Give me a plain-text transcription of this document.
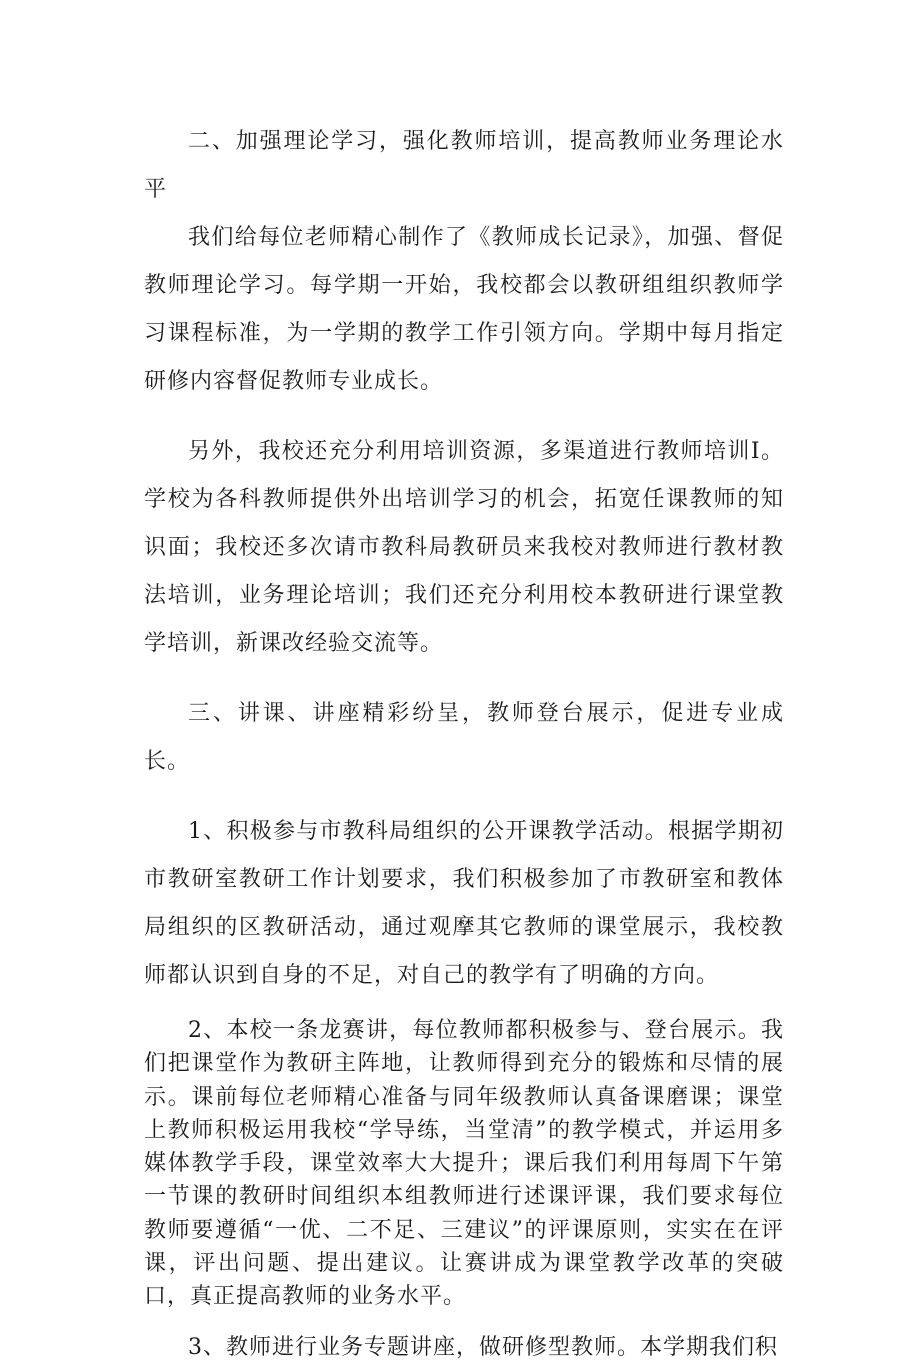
二、加强理论学习，强化教师培训，提高教师业务理论水平

我们给每位老师精心制作了《教师成长记录》，加强、督促教师理论学习。每学期一开始，我校都会以教研组组织教师学习课程标准，为一学期的教学工作引领方向。学期中每月指定研修内容督促教师专业成长。

另外，我校还充分利用培训资源，多渠道进行教师培训I。学校为各科教师提供外出培训学习的机会，拓宽任课教师的知识面；我校还多次请市教科局教研员来我校对教师进行教材教法培训，业务理论培训；我们还充分利用校本教研进行课堂教学培训，新课改经验交流等。

三、讲课、讲座精彩纷呈，教师登台展示，促进专业成长。

1、积极参与市教科局组织的公开课教学活动。根据学期初市教研室教研工作计划要求，我们积极参加了市教研室和教体局组织的区教研活动，通过观摩其它教师的课堂展示，我校教师都认识到自身的不足，对自己的教学有了明确的方向。

2、本校一条龙赛讲，每位教师都积极参与、登台展示。我们把课堂作为教研主阵地，让教师得到充分的锻炼和尽情的展示。课前每位老师精心准备与同年级教师认真备课磨课；课堂上教师积极运用我校“学导练，当堂清”的教学模式，并运用多媒体教学手段，课堂效率大大提升；课后我们利用每周下午第一节课的教研时间组织本组教师进行述课评课，我们要求每位教师要遵循“一优、二不足、三建议”的评课原则，实实在在评课，评出问题、提出建议。让赛讲成为课堂教学改革的突破口，真正提高教师的业务水平。

3、教师进行业务专题讲座，做研修型教师。本学期我们积
